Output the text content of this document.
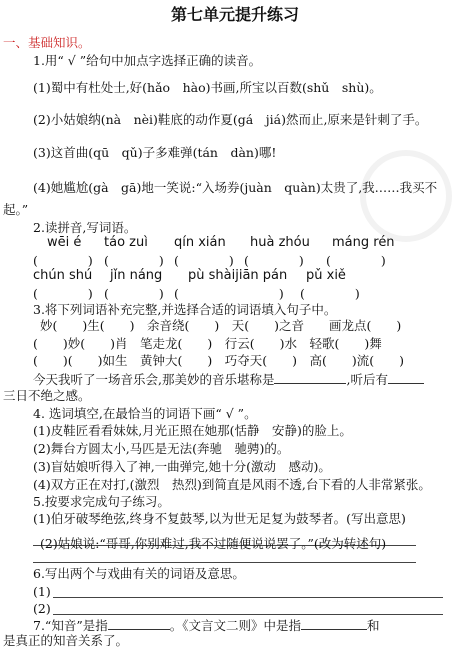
第七单元提升练习
一、基础知识。
1.用“ √ ”给句中加点字选择正确的读音。
(1)蜀中有杜处士,好(hǎo　hào)书画,所宝以百数(shǔ　shù)。
(2)小姑娘纳(nà　nèi)鞋底的动作夏(gá　jiá)然而止,原来是针刺了手。
(3)这首曲(qū　qǔ)子多难弹(tán　dàn)哪!
(4)她尴尬(gà　gā)地一笑说:“入场券(juàn　quàn)太贵了,我……我买不
起。”
2.读拼音,写词语。
wēi é táo zuì qín xián huà zhóu máng rén
(　　　　	) (　　　　	) (　　　　	) (　　　　	) (　　　　	)
chún shú jǐn náng pù shàijiān pán pǔ xiě
(　　　　	) (　　　　	) (　　　　　　　　	) (　　　　	)
3.将下列词语补充完整,并选择合适的词语填入句子中。
妙(　　)生(　　)　余音绕(　　)　天(　　)之音　　画龙点(　　)
(　　)妙(　　)肖　笔走龙(　　)　行云(　　)水　轻歌(　　)舞
(　　)(　　)如生　黄钟大(　　)　巧夺天(　　)　高(　　)流(　　)
今天我听了一场音乐会,那美妙的音乐堪称是	,听后有
三日不绝之感。
4. 选词填空,在最恰当的词语下画“ √ ”。
(1)皮鞋匠看看妹妹,月光正照在她那(恬静　安静)的脸上。
(2)舞台方圆太小,马匹是无法(奔驰　驰骋)的。
(3)盲姑娘听得入了神,一曲弹完,她十分(激动　感动)。
(4)双方正在对打,(激烈　热烈)到简直是风雨不透,台下看的人非常紧张。
5.按要求完成句子练习。
(1)伯牙破琴绝弦,终身不复鼓琴,以为世无足复为鼓琴者。(写出意思)
(2)姑娘说:“哥哥,你别难过,我不过随便说说罢了。”(改为转述句)
6.写出两个与戏曲有关的词语及意思。
(1)
(2)
7.“知音”是指	。《文言文二则》中是指	和
是真正的知音关系了。
